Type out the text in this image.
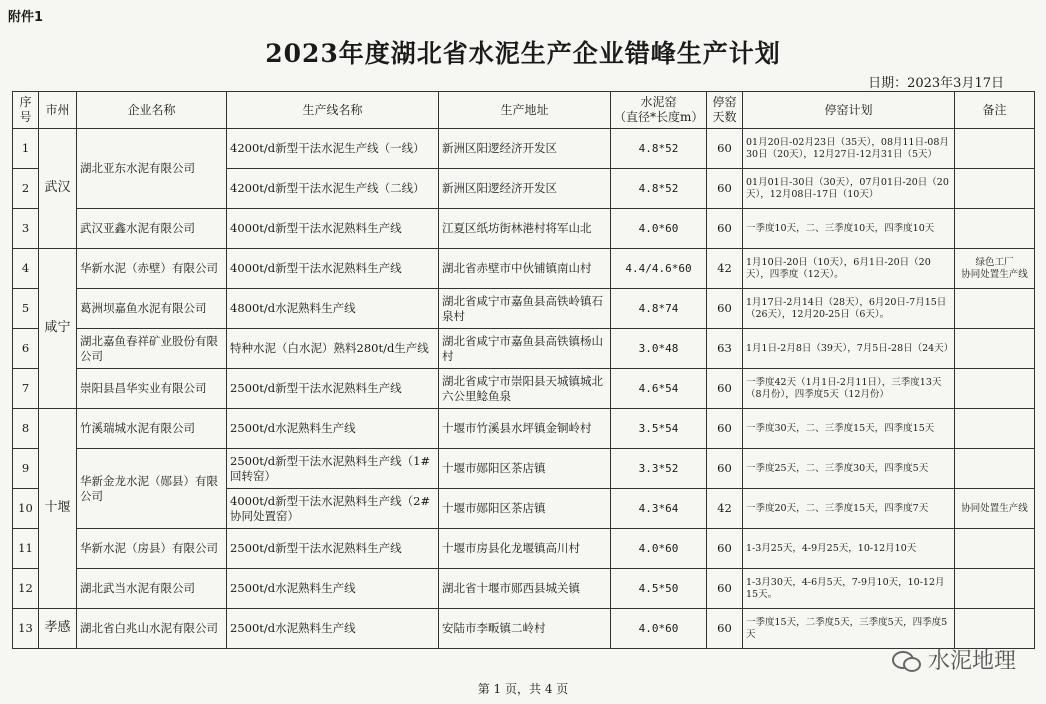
附件1
2023年度湖北省水泥生产企业错峰生产计划
日期：2023年3月17日
序号	市州	企业名称	生产线名称	生产地址	水泥窑
（直径*长度m）	停窑
天数	停窑计划	备注
1	武汉	湖北亚东水泥有限公司	4200t/d新型干法水泥生产线（一线）	新洲区阳逻经济开发区	4.8*52	60	01月20日-02月23日（35天），08月11日-08月30日（20天），12月27日-12月31日（5天）	
2			4200t/d新型干法水泥生产线（二线）	新洲区阳逻经济开发区	4.8*52	60	01月01日-30日（30天），07月01日-20日（20天），12月08日-17日（10天）	
3		武汉亚鑫水泥有限公司	4000t/d新型干法水泥熟料生产线	江夏区纸坊街林港村将军山北	4.0*60	60	一季度10天，二、三季度10天，四季度10天	
4	咸宁	华新水泥（赤壁）有限公司	4000t/d新型干法水泥熟料生产线	湖北省赤壁市中伙铺镇南山村	4.4/4.6*60	42	1月10日-20日（10天），6月1日-20日（20天），四季度（12天）。	绿色工厂
协同处置生产线
5		葛洲坝嘉鱼水泥有限公司	4800t/d水泥熟料生产线	湖北省咸宁市嘉鱼县高铁岭镇石泉村	4.8*74	60	1月17日-2月14日（28天），6月20日-7月15日（26天），12月20-25日（6天）。	
6		湖北嘉鱼春祥矿业股份有限公司	特种水泥（白水泥）熟料280t/d生产线	湖北省咸宁市嘉鱼县高铁镇杨山村	3.0*48	63	1月1日-2月8日（39天），7月5日-28日（24天）	
7		崇阳县昌华实业有限公司	2500t/d新型干法水泥熟料生产线	湖北省咸宁市崇阳县天城镇城北六公里鲶鱼泉	4.6*54	60	一季度42天（1月1日-2月11日），三季度13天（8月份），四季度5天（12月份）	
8	十堰	竹溪瑞城水泥有限公司	2500t/d水泥熟料生产线	十堰市竹溪县水坪镇金铜岭村	3.5*54	60	一季度30天，二、三季度15天，四季度15天	
9		华新金龙水泥（郧县）有限公司	2500t/d新型干法水泥熟料生产线（1#回转窑）	十堰市郧阳区茶店镇	3.3*52	60	一季度25天，二、三季度30天，四季度5天	
10			4000t/d新型干法水泥熟料生产线（2#协同处置窑）	十堰市郧阳区茶店镇	4.3*64	42	一季度20天，二、三季度15天，四季度7天	协同处置生产线
11		华新水泥（房县）有限公司	2500t/d新型干法水泥熟料生产线	十堰市房县化龙堰镇高川村	4.0*60	60	1-3月25天，4-9月25天，10-12月10天	
12		湖北武当水泥有限公司	2500t/d水泥熟料生产线	湖北省十堰市郧西县城关镇	4.5*50	60	1-3月30天，4-6月5天，7-9月10天，10-12月15天。	
13	孝感	湖北省白兆山水泥有限公司	2500t/d水泥熟料生产线	安陆市李畈镇二岭村	4.0*60	60	一季度15天，二季度5天，三季度5天，四季度5天	
水泥地理
第 1 页，共 4 页
